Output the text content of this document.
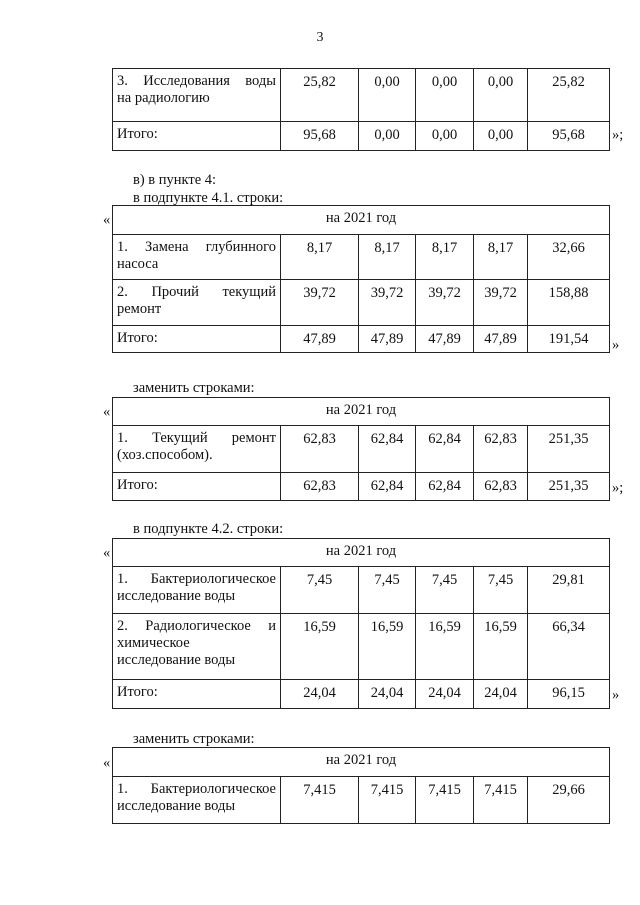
3
3. Исследования воды
на радиологию	25,82	0,00	0,00	0,00	25,82
Итого:	95,68	0,00	0,00	0,00	95,68 »;
в) в пункте 4:
в подпункте 4.1. строки:
«	на 2021 год					

1. Замена глубинного
насоса	8,17	8,17	8,17	8,17	32,66

2. Прочий текущий
ремонт	39,72	39,72	39,72	39,72	158,88
Итого:	47,89	47,89	47,89	47,89	191,54 »
заменить строками:
«	на 2021 год					

1. Текущий ремонт
(хоз.способом).	62,83	62,84	62,84	62,83	251,35
Итого:	62,83	62,84	62,84	62,83	251,35 »;
в подпункте 4.2. строки:
«	на 2021 год					

1. Бактериологическое
исследование воды	7,45	7,45	7,45	7,45	29,81

2. Радиологическое и
химическое
исследование воды	16,59	16,59	16,59	16,59	66,34
Итого:	24,04	24,04	24,04	24,04	96,15 »
заменить строками:
«	на 2021 год

1. Бактериологическое
исследование воды	7,415	7,415	7,415	7,415	29,66
